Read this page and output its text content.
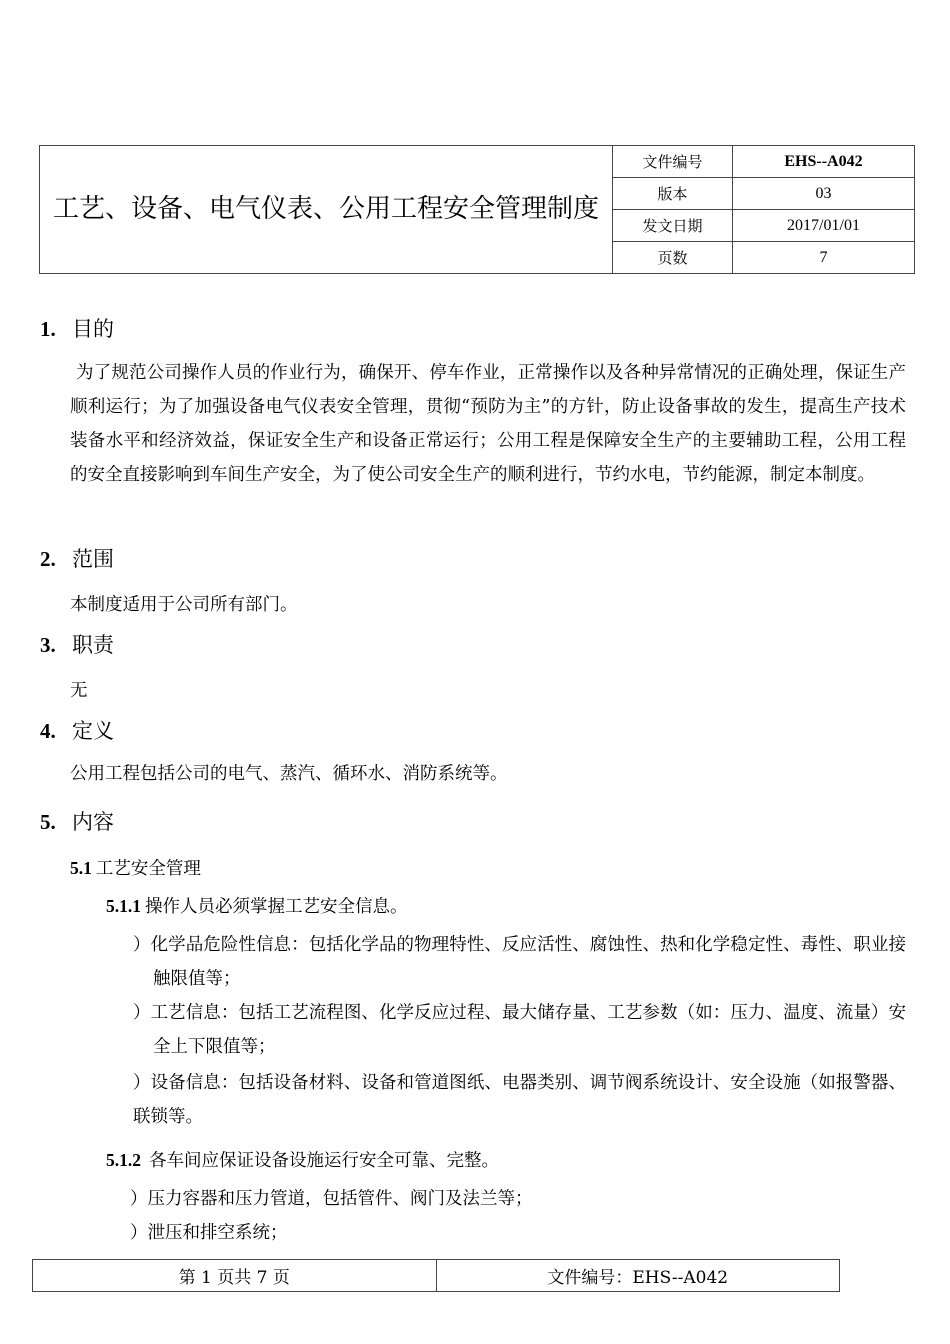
工艺、设备、电气仪表、公用工程安全管理制度	文件编号	EHS--A042
	版本	03
	发文日期	2017/01/01
	页数	7
1. 目的
为了规范公司操作人员的作业行为，确保开、停车作业，正常操作以及各种异常情况的正确处理，保证生产顺利运行；为了加强设备电气仪表安全管理，贯彻“预防为主”的方针，防止设备事故的发生，提高生产技术装备水平和经济效益，保证安全生产和设备正常运行；公用工程是保障安全生产的主要辅助工程，公用工程的安全直接影响到车间生产安全，为了使公司安全生产的顺利进行，节约水电，节约能源，制定本制度。
2. 范围
本制度适用于公司所有部门。
3. 职责
无
4. 定义
公用工程包括公司的电气、蒸汽、循环水、消防系统等。
5. 内容
5.1 工艺安全管理
5.1.1 操作人员必须掌握工艺安全信息。
）化学品危险性信息：包括化学品的物理特性、反应活性、腐蚀性、热和化学稳定性、毒性、职业接触限值等；
）工艺信息：包括工艺流程图、化学反应过程、最大储存量、工艺参数（如：压力、温度、流量）安全上下限值等；
）设备信息：包括设备材料、设备和管道图纸、电器类别、调节阀系统设计、安全设施（如报警器、联锁等。
5.1.2 各车间应保证设备设施运行安全可靠、完整。
）压力容器和压力管道，包括管件、阀门及法兰等；
）泄压和排空系统；
第 1 页共 7 页	文件编号：EHS--A042
